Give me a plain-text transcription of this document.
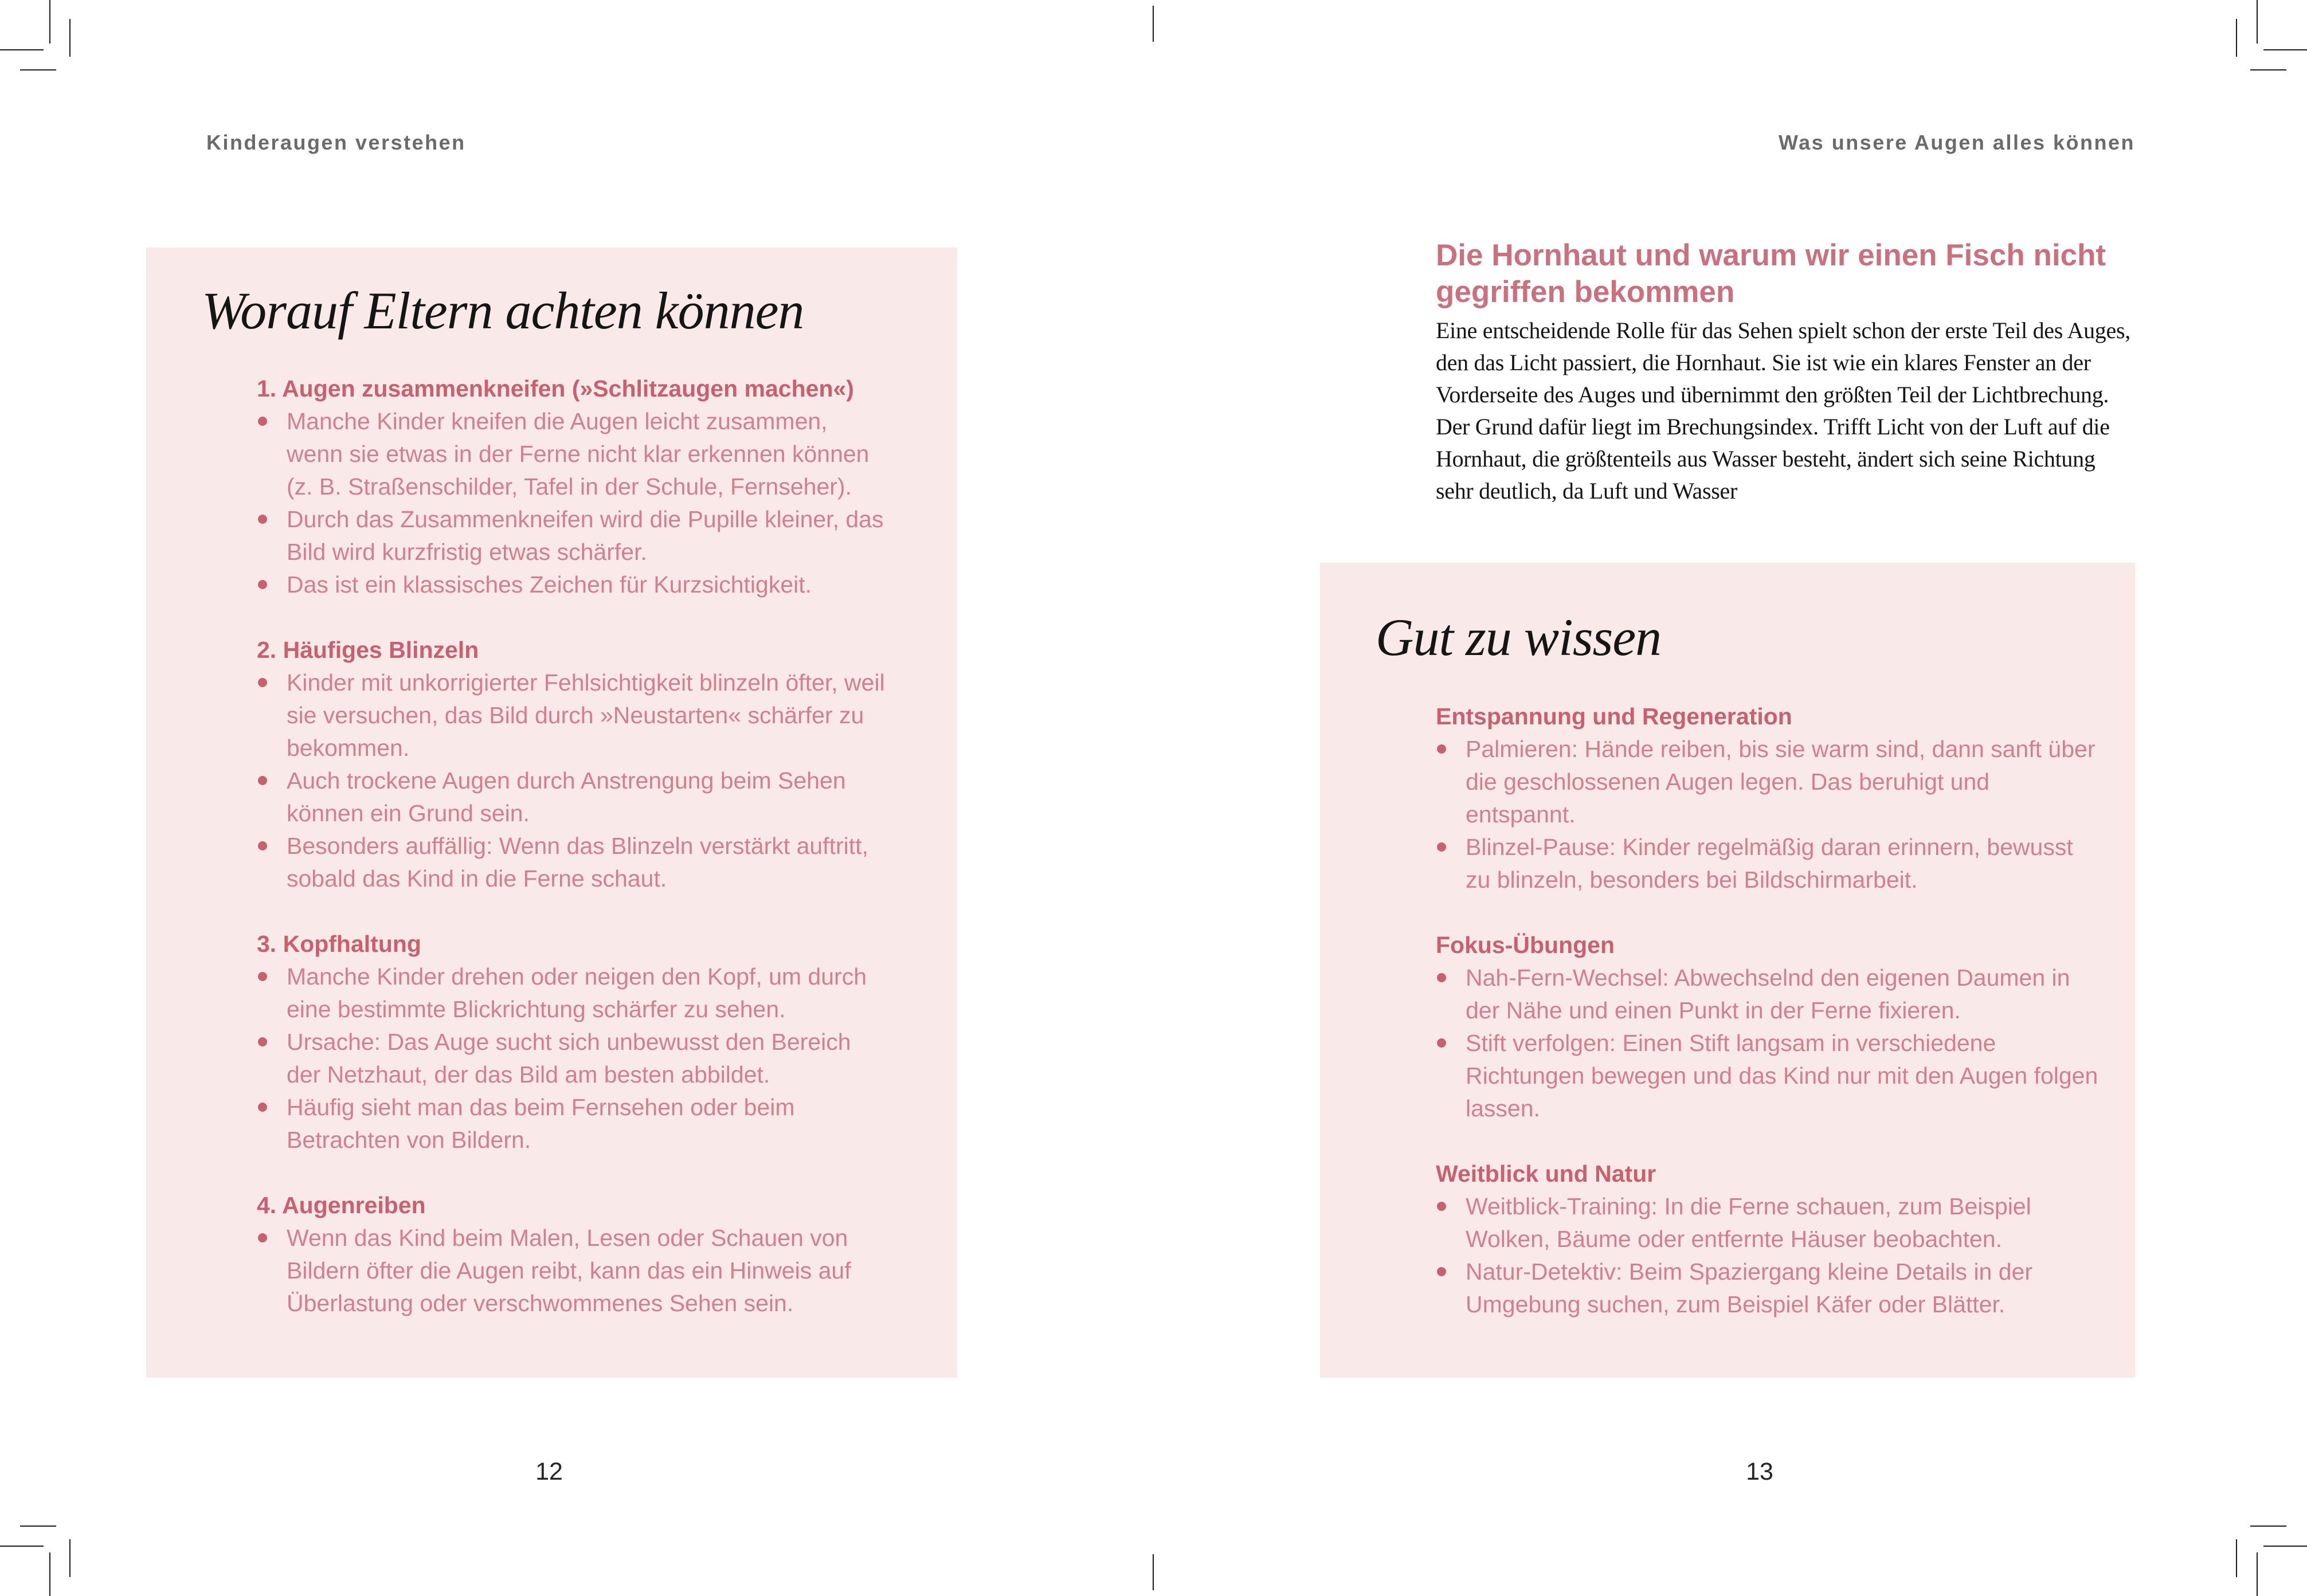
Kinderaugen verstehen	Was unsere Augen alles können
Worauf Eltern achten können
1. Augen zusammenkneifen (»Schlitzaugen machen«)
Manche Kinder kneifen die Augen leicht zusammen, wenn sie etwas in der Ferne nicht klar erkennen können (z. B. Straßenschilder, Tafel in der Schule, Fernseher).
Durch das Zusammenkneifen wird die Pupille kleiner, das Bild wird kurzfristig etwas schärfer.
Das ist ein klassisches Zeichen für Kurzsichtigkeit.
2. Häufiges Blinzeln
Kinder mit unkorrigierter Fehlsichtigkeit blinzeln öfter, weil sie versuchen, das Bild durch »Neustarten« schärfer zu bekommen.
Auch trockene Augen durch Anstrengung beim Sehen können ein Grund sein.
Besonders auffällig: Wenn das Blinzeln verstärkt auftritt, sobald das Kind in die Ferne schaut.
3. Kopfhaltung
Manche Kinder drehen oder neigen den Kopf, um durch eine bestimmte Blickrichtung schärfer zu sehen.
Ursache: Das Auge sucht sich unbewusst den Bereich der Netzhaut, der das Bild am besten abbildet.
Häufig sieht man das beim Fernsehen oder beim Betrachten von Bildern.
4. Augenreiben
Wenn das Kind beim Malen, Lesen oder Schauen von Bildern öfter die Augen reibt, kann das ein Hinweis auf Überlastung oder verschwommenes Sehen sein.
12
Die Hornhaut und warum wir einen Fisch nicht gegriffen bekommen
Eine entscheidende Rolle für das Sehen spielt schon der erste Teil des Auges, den das Licht passiert, die Hornhaut. Sie ist wie ein klares Fenster an der Vorderseite des Auges und übernimmt den größten Teil der Lichtbrechung. Der Grund dafür liegt im Brechungsindex. Trifft Licht von der Luft auf die Hornhaut, die größtenteils aus Wasser besteht, ändert sich seine Richtung sehr deutlich, da Luft und Wasser
Gut zu wissen
Entspannung und Regeneration
Palmieren: Hände reiben, bis sie warm sind, dann sanft über die geschlossenen Augen legen. Das beruhigt und entspannt.
Blinzel-Pause: Kinder regelmäßig daran erinnern, bewusst zu blinzeln, besonders bei Bildschirmarbeit.
Fokus-Übungen
Nah-Fern-Wechsel: Abwechselnd den eigenen Daumen in der Nähe und einen Punkt in der Ferne fixieren.
Stift verfolgen: Einen Stift langsam in verschiedene Richtungen bewegen und das Kind nur mit den Augen folgen lassen.
Weitblick und Natur
Weitblick-Training: In die Ferne schauen, zum Beispiel Wolken, Bäume oder entfernte Häuser beobachten.
Natur-Detektiv: Beim Spaziergang kleine Details in der Umgebung suchen, zum Beispiel Käfer oder Blätter.
13
